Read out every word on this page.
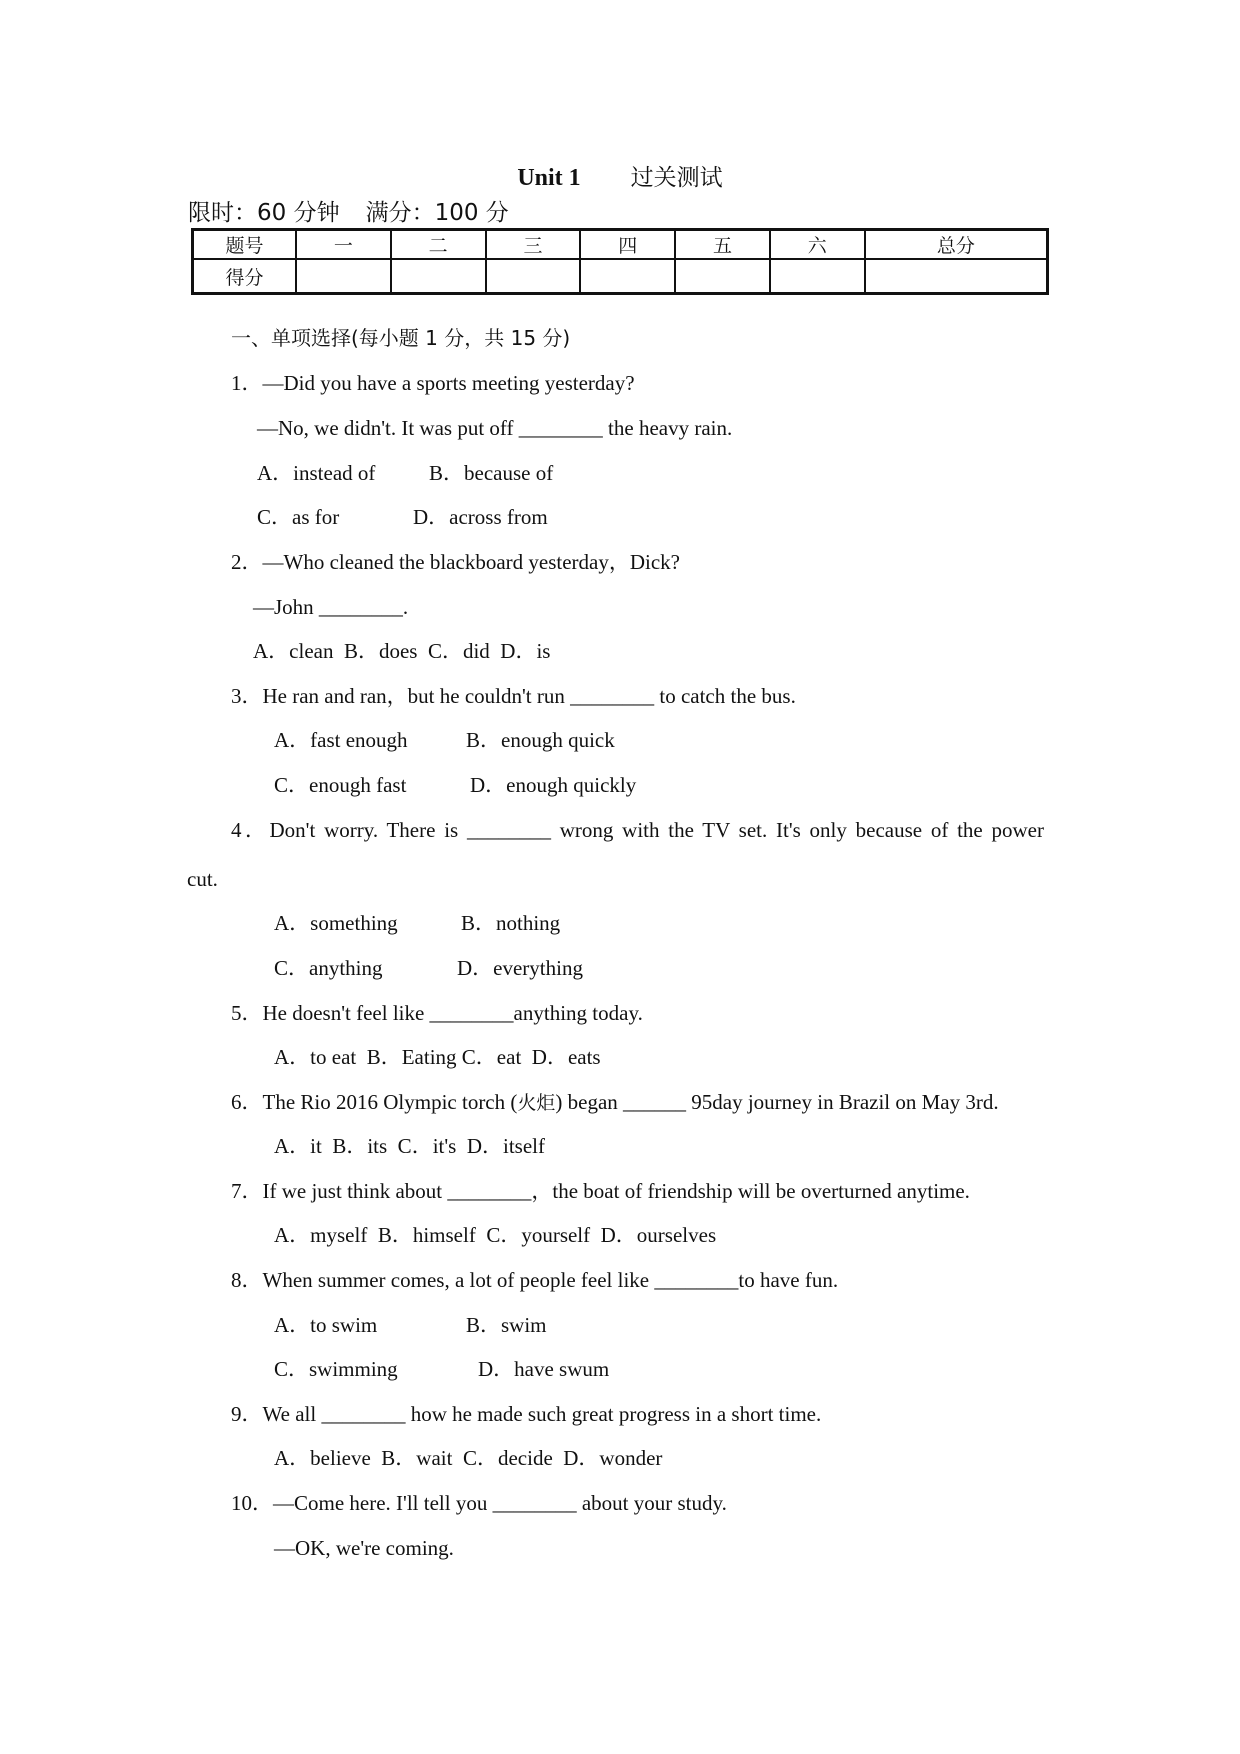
Unit 1 过关测试
限时：60 分钟 满分：100 分
题号	一	二	三	四	五	六	总分
得分							
一、单项选择(每小题 1 分，共 15 分)
1．—Did you have a sports meeting yesterday?
—No, we didn't. It was put off ________ the heavy rain.
A．instead of	B．because of
C．as for	D．across from
2．—Who cleaned the blackboard yesterday，Dick?
—John ________.
A．clean  B．does  C．did  D．is
3．He ran and ran，but he couldn't run ________ to catch the bus.
A．fast enough	B．enough quick
C．enough fast	D．enough quickly
4．Don't worry. There is ________ wrong with the TV set. It's only because of the power
cut.
A．something	B．nothing
C．anything	D．everything
5．He doesn't feel like ________anything today.
A．to eat  B．Eating C．eat  D．eats
6．The Rio 2016 Olympic torch (火炬) began ______ 95day journey in Brazil on May 3rd.
A．it  B．its  C．it's  D．itself
7．If we just think about ________，the boat of friendship will be overturned anytime.
A．myself  B．himself  C．yourself  D．ourselves
8．When summer comes, a lot of people feel like ________to have fun.
A．to swim	B．swim
C．swimming	D．have swum
9．We all ________ how he made such great progress in a short time.
A．believe  B．wait  C．decide  D．wonder
10．—Come here. I'll tell you ________ about your study.
—OK, we're coming.
